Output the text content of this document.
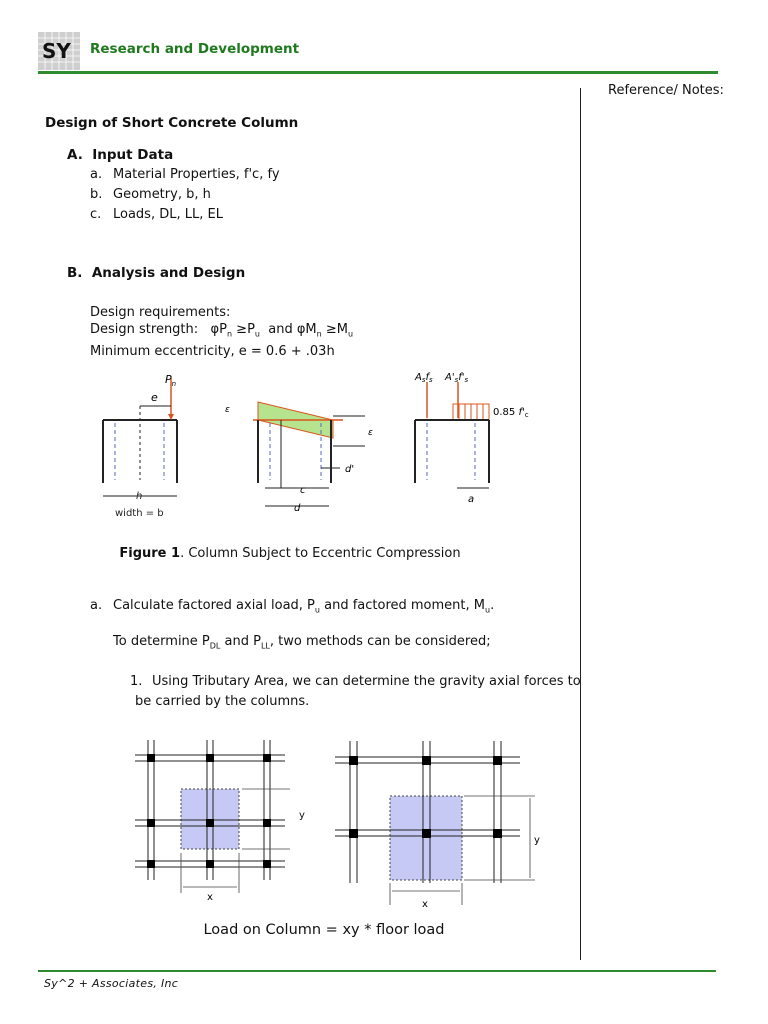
SY Research and Development
Reference/ Notes:
Design of Short Concrete Column
A. Input Data
a. Material Properties, f'c, fy
b. Geometry, b, h
c. Loads, DL, LL, EL
B. Analysis and Design
Design requirements:
Design strength:   $\varphi P_n \ge P_u$  and $\varphi M_n \ge M_u$
Minimum eccentricity, e = 0.6 + .03h
$P_n$
e
h
width = b
ε
ε
c
d
d'
$A_sf_s$ $A'_sf'_s$
0.85 $f'_c$
a
Figure 1. Column Subject to Eccentric Compression
a. Calculate factored axial load, $P_u$ and factored moment, $M_u$.
To determine $P_{DL}$ and $P_{LL}$, two methods can be considered;
1. Using Tributary Area, we can determine the gravity axial forces to
be carried by the columns.
x
y
x
y
Load on Column = xy * floor load
Sy^2 + Associates, Inc
